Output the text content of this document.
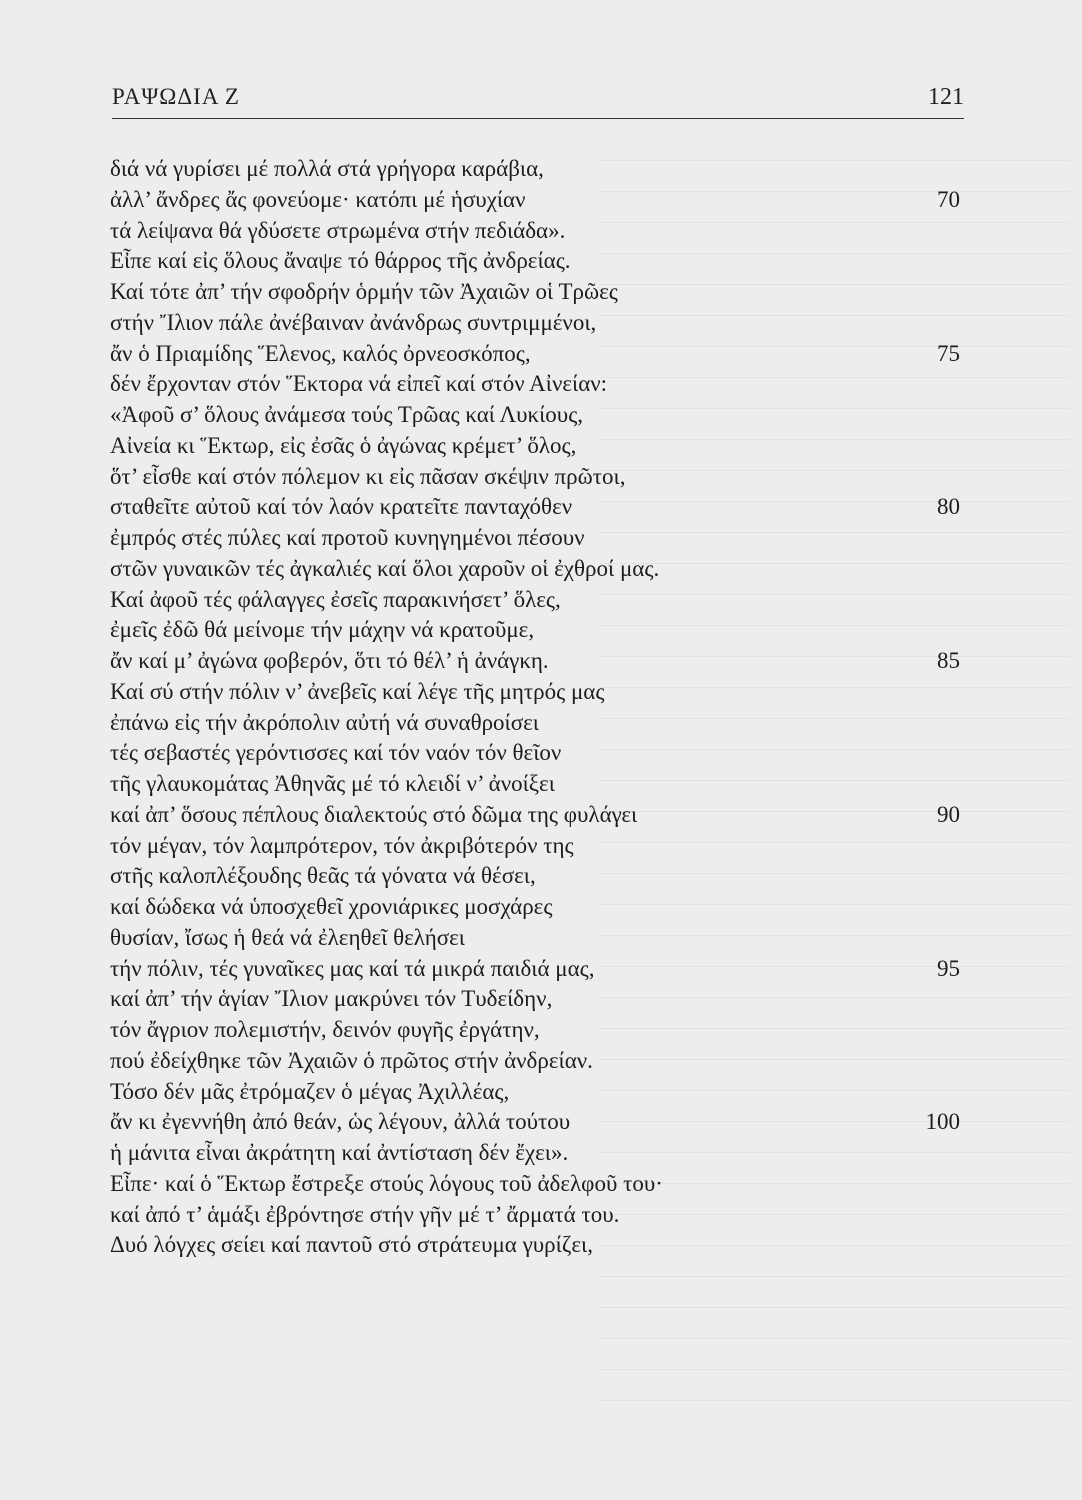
ΡΑΨΩΔΙΑ Ζ	121
διά νά γυρίσει μέ πολλά στά γρήγορα καράβια,
ἀλλ’ ἄνδρες ἄς φονεύομε· κατόπι μέ ἡσυχίαν	70
τά λείψανα θά γδύσετε στρωμένα στήν πεδιάδα».
Εἶπε καί εἰς ὅλους ἄναψε τό θάρρος τῆς ἀνδρείας.
Καί τότε ἀπ’ τήν σφοδρήν ὁρμήν τῶν Ἀχαιῶν οἱ Τρῶες
στήν Ἴλιον πάλε ἀνέβαιναν ἀνάνδρως συντριμμένοι,
ἄν ὁ Πριαμίδης Ἕλενος, καλός ὀρνεοσκόπος,	75
δέν ἔρχονταν στόν Ἕκτορα νά εἰπεῖ καί στόν Αἰνείαν:
«Ἀφοῦ σ’ ὅλους ἀνάμεσα τούς Τρῶας καί Λυκίους,
Αἰνεία κι Ἕκτωρ, εἰς ἐσᾶς ὁ ἀγώνας κρέμετ’ ὅλος,
ὅτ’ εἶσθε καί στόν πόλεμον κι εἰς πᾶσαν σκέψιν πρῶτοι,
σταθεῖτε αὐτοῦ καί τόν λαόν κρατεῖτε πανταχόθεν	80
ἐμπρός στές πύλες καί προτοῦ κυνηγημένοι πέσουν
στῶν γυναικῶν τές ἀγκαλιές καί ὅλοι χαροῦν οἱ ἐχθροί μας.
Καί ἀφοῦ τές φάλαγγες ἐσεῖς παρακινήσετ’ ὅλες,
ἐμεῖς ἐδῶ θά μείνομε τήν μάχην νά κρατοῦμε,
ἄν καί μ’ ἀγώνα φοβερόν, ὅτι τό θέλ’ ἡ ἀνάγκη.	85
Καί σύ στήν πόλιν ν’ ἀνεβεῖς καί λέγε τῆς μητρός μας
ἐπάνω εἰς τήν ἀκρόπολιν αὐτή νά συναθροίσει
τές σεβαστές γερόντισσες καί τόν ναόν τόν θεῖον
τῆς γλαυκομάτας Ἀθηνᾶς μέ τό κλειδί ν’ ἀνοίξει
καί ἀπ’ ὅσους πέπλους διαλεκτούς στό δῶμα της φυλάγει	90
τόν μέγαν, τόν λαμπρότερον, τόν ἀκριβότερόν της
στῆς καλοπλέξουδης θεᾶς τά γόνατα νά θέσει,
καί δώδεκα νά ὑποσχεθεῖ χρονιάρικες μοσχάρες
θυσίαν, ἴσως ἡ θεά νά ἐλεηθεῖ θελήσει
τήν πόλιν, τές γυναῖκες μας καί τά μικρά παιδιά μας,	95
καί ἀπ’ τήν ἁγίαν Ἴλιον μακρύνει τόν Τυδείδην,
τόν ἄγριον πολεμιστήν, δεινόν φυγῆς ἐργάτην,
πού ἐδείχθηκε τῶν Ἀχαιῶν ὁ πρῶτος στήν ἀνδρείαν.
Τόσο δέν μᾶς ἐτρόμαζεν ὁ μέγας Ἀχιλλέας,
ἄν κι ἐγεννήθη ἀπό θεάν, ὡς λέγουν, ἀλλά τούτου	100
ἡ μάνιτα εἶναι ἀκράτητη καί ἀντίσταση δέν ἔχει».
Εἶπε· καί ὁ Ἕκτωρ ἔστρεξε στούς λόγους τοῦ ἀδελφοῦ του·
καί ἀπό τ’ ἁμάξι ἐβρόντησε στήν γῆν μέ τ’ ἄρματά του.
Δυό λόγχες σείει καί παντοῦ στό στράτευμα γυρίζει,
